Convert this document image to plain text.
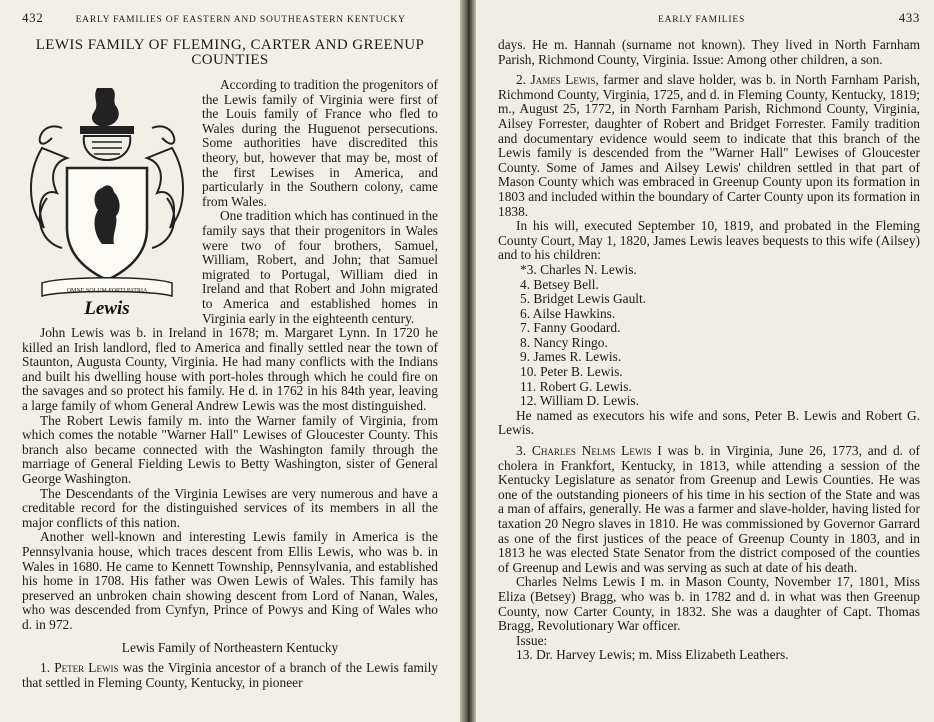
432	EARLY FAMILIES OF EASTERN AND SOUTHEASTERN KENTUCKY
LEWIS FAMILY OF FLEMING, CARTER AND GREENUP COUNTIES
OMNE SOLUM FORTI PATRIA
Lewis

According to tradition the progenitors of the Lewis family of Virginia were first of the Louis family of France who fled to Wales during the Huguenot persecutions. Some authorities have discredited this theory, but, however that may be, most of the first Lewises in America, and particularly in the Southern colony, came from Wales.

One tradition which has continued in the family says that their progenitors in Wales were two of four brothers, Samuel, William, Robert, and John; that Samuel migrated to Portugal, William died in Ireland and that Robert and John migrated to America and established homes in Virginia early in the eighteenth century.

John Lewis was b. in Ireland in 1678; m. Margaret Lynn. In 1720 he killed an Irish landlord, fled to America and finally settled near the town of Staunton, Augusta County, Virginia. He had many conflicts with the Indians and built his dwelling house with port-holes through which he could fire on the savages and so protect his family. He d. in 1762 in his 84th year, leaving a large family of whom General Andrew Lewis was the most distinguished.

The Robert Lewis family m. into the Warner family of Virginia, from which comes the notable "Warner Hall" Lewises of Gloucester County. This branch also became connected with the Washington family through the marriage of General Fielding Lewis to Betty Washington, sister of General George Washington.

The Descendants of the Virginia Lewises are very numerous and have a creditable record for the distinguished services of its members in all the major conflicts of this nation.

Another well-known and interesting Lewis family in America is the Pennsylvania house, which traces descent from Ellis Lewis, who was b. in Wales in 1680. He came to Kennett Township, Pennsylvania, and established his home in 1708. His father was Owen Lewis of Wales. This family has preserved an unbroken chain showing descent from Lord of Nanan, Wales, who was descended from Cynfyn, Prince of Powys and King of Wales who d. in 972.

Lewis Family of Northeastern Kentucky

1. Peter Lewis was the Virginia ancestor of a branch of the Lewis family that settled in Fleming County, Kentucky, in pioneer

EARLY FAMILIES	433

days. He m. Hannah (surname not known). They lived in North Farnham Parish, Richmond County, Virginia. Issue: Among other children, a son.

2. James Lewis, farmer and slave holder, was b. in North Farnham Parish, Richmond County, Virginia, 1725, and d. in Fleming County, Kentucky, 1819; m., August 25, 1772, in North Farnham Parish, Richmond County, Virginia, Ailsey Forrester, daughter of Robert and Bridget Forrester. Family tradition and documentary evidence would seem to indicate that this branch of the Lewis family is descended from the "Warner Hall" Lewises of Gloucester County. Some of James and Ailsey Lewis' children settled in that part of Mason County which was embraced in Greenup County upon its formation in 1803 and included within the boundary of Carter County upon its formation in 1838.

In his will, executed September 10, 1819, and probated in the Fleming County Court, May 1, 1820, James Lewis leaves bequests to this wife (Ailsey) and to his children:

*3. Charles N. Lewis.

4. Betsey Bell.

5. Bridget Lewis Gault.

6. Ailse Hawkins.

7. Fanny Goodard.

8. Nancy Ringo.

9. James R. Lewis.

10. Peter B. Lewis.

11. Robert G. Lewis.

12. William D. Lewis.

He named as executors his wife and sons, Peter B. Lewis and Robert G. Lewis.

3. Charles Nelms Lewis I was b. in Virginia, June 26, 1773, and d. of cholera in Frankfort, Kentucky, in 1813, while attending a session of the Kentucky Legislature as senator from Greenup and Lewis Counties. He was one of the outstanding pioneers of his time in his section of the State and was a man of affairs, generally. He was a farmer and slave-holder, having listed for taxation 20 Negro slaves in 1810. He was commissioned by Governor Garrard as one of the first justices of the peace of Greenup County in 1803, and in 1813 he was elected State Senator from the district composed of the counties of Greenup and Lewis and was serving as such at date of his death.

Charles Nelms Lewis I m. in Mason County, November 17, 1801, Miss Eliza (Betsey) Bragg, who was b. in 1782 and d. in what was then Greenup County, now Carter County, in 1832. She was a daughter of Capt. Thomas Bragg, Revolutionary War officer.

Issue:

13. Dr. Harvey Lewis; m. Miss Elizabeth Leathers.
